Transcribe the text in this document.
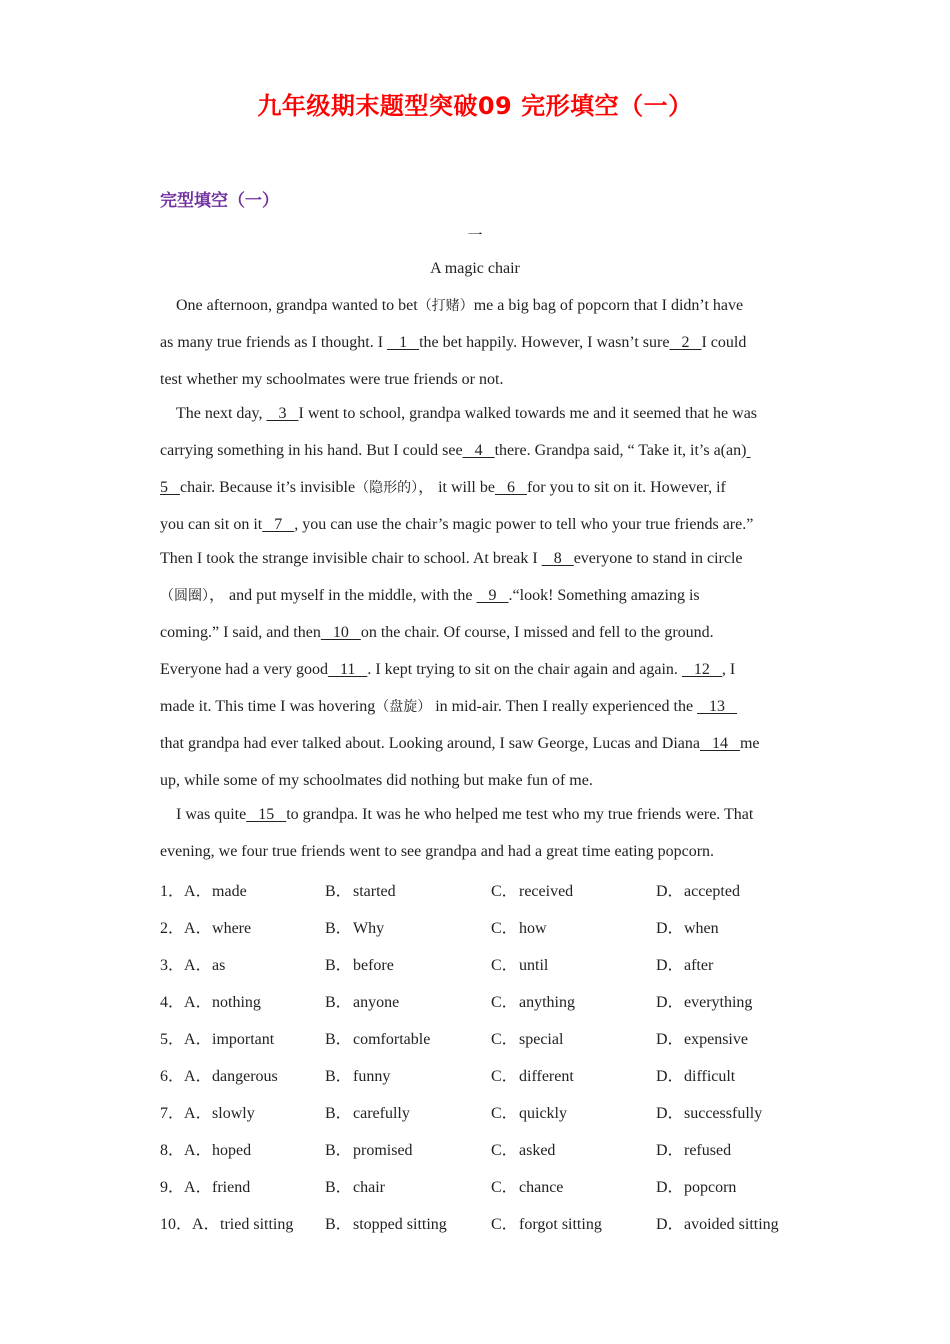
九年级期末题型突破09 完形填空（一）
完型填空（一）
一
A magic chair
One afternoon, grandpa wanted to bet（打赌）me a big bag of popcorn that I didn’t have
as many true friends as I thought. I    1   the bet happily. However, I wasn’t sure   2   I could
test whether my schoolmates were true friends or not.
The next day,    3   I went to school, grandpa walked towards me and it seemed that he was
carrying something in his hand. But I could see   4   there. Grandpa said, “ Take it, it’s a(an)
5   chair. Because it’s invisible（隐形的）， it will be   6   for you to sit on it. However, if
you can sit on it   7   , you can use the chair’s magic power to tell who your true friends are.”
Then I took the strange invisible chair to school. At break I    8   everyone to stand in circle
（圆圈）， and put myself in the middle, with the    9   .“look! Something amazing is
coming.” I said, and then   10   on the chair. Of course, I missed and fell to the ground.
Everyone had a very good   11   . I kept trying to sit on the chair again and again.    12   , I
made it. This time I was hovering（盘旋） in mid-air. Then I really experienced the    13
that grandpa had ever talked about. Looking around, I saw George, Lucas and Diana   14   me
up, while some of my schoolmates did nothing but make fun of me.
I was quite   15   to grandpa. It was he who helped me test who my true friends were. That
evening, we four true friends went to see grandpa and had a great time eating popcorn.
1．A．made	B．started	C．received	D．accepted
2．A．where	B．Why	C．how	D．when
3．A．as	B．before	C．until	D．after
4．A．nothing	B．anyone	C．anything	D．everything
5．A．important	B．comfortable	C．special	D．expensive
6．A．dangerous	B．funny	C．different	D．difficult
7．A．slowly	B．carefully	C．quickly	D．successfully
8．A．hoped	B．promised	C．asked	D．refused
9．A．friend	B．chair	C．chance	D．popcorn
10．A．tried sitting B．stopped sitting	C．forgot sitting	D．avoided sitting
